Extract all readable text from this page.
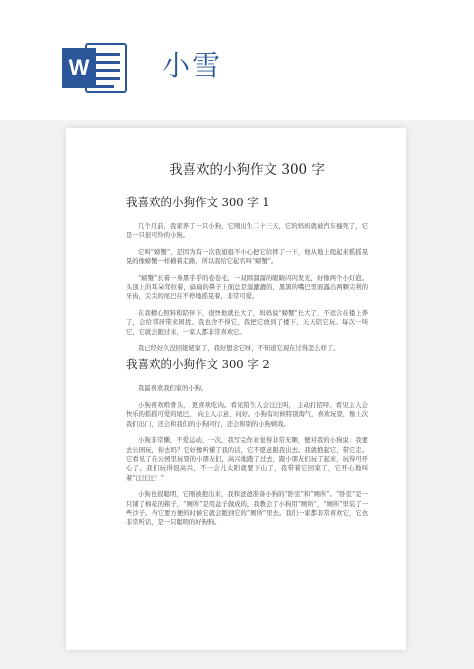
W	小雪
我喜欢的小狗作文 300 字
我喜欢的小狗作文 300 字 1

几个月前，我家养了一只小狗，它刚出生二十三天，它的妈妈就被汽车撞死了，它是一只很可怜的小狗。

它叫“螃蟹”，是因为有一次我姐姐不小心把它给摔了一下，他从地上爬起来摇摇晃晃的像螃蟹一样横着走路，所以我给它起名叫“螃蟹”。

“螃蟹”长着一身黑乎乎的卷卷毛，一双圆溜溜的眼睛闪闪发光，好像两个小灯泡。头顶上的耳朵耷拉着，扁扁的鼻子上面总是湿漉漉的，黑黑的嘴巴里面露出两颗尖利的牙齿，尖尖的尾巴在不停地摇晃着，非常可爱。

在我精心照料和陪伴下，很快他就长大了，妈妈说“螃蟹”长大了，不适合在楼上养了，会给邻居带来困扰。我也舍不得它，我把它放到了楼下，天天陪它玩。每次一叫它，它就会跑过来，一家人都非常喜欢它。

我已经好久没回姥姥家了，我好想念它呀，不知道它现在过得怎么样了。

我喜欢的小狗作文 300 字 2

我最喜欢我们家的小狗。

小狗喜欢啃骨头， 更喜欢吃肉。看见陌生人会汪汪叫， 主动打招呼。看见主人会快乐的摇摇可爱的尾巴， 向主人示意、问好。小狗有时候特别淘气，喜欢玩耍，像上次我们出门，还会和我们的小狗同行，还会和别的小狗嬉戏。

小狗非常懒，不爱运动，一次，我写完作业觉得非常无聊，便对我的小狗说：我要去公园玩，你去吗？它好像听懂了我的话，它不愿意跟我出去。我就抱起它，带它走。它看见了在公园里玩耍的小朋友们，高兴地跑了过去，跟小朋友们玩了起来，玩得可开心了。我们玩得很高兴，不一会儿太阳就要下山了，我带着它回家了，它开心地叫着“汪汪汪！”

小狗也很聪明，它刚被抱出来，我和爸爸准备小狗的“卧室”和“厕所”。“卧室”是一只铺了棉花的箱子，“厕所”是用盆子做成的，我教会了小狗用“厕所”，“厕所”里装了一些沙子。当它要方便的时候它就会跑到它的“厕所”里去。我们一家都非常喜欢它，它也非常听话，是一只聪明的好狗狗。
